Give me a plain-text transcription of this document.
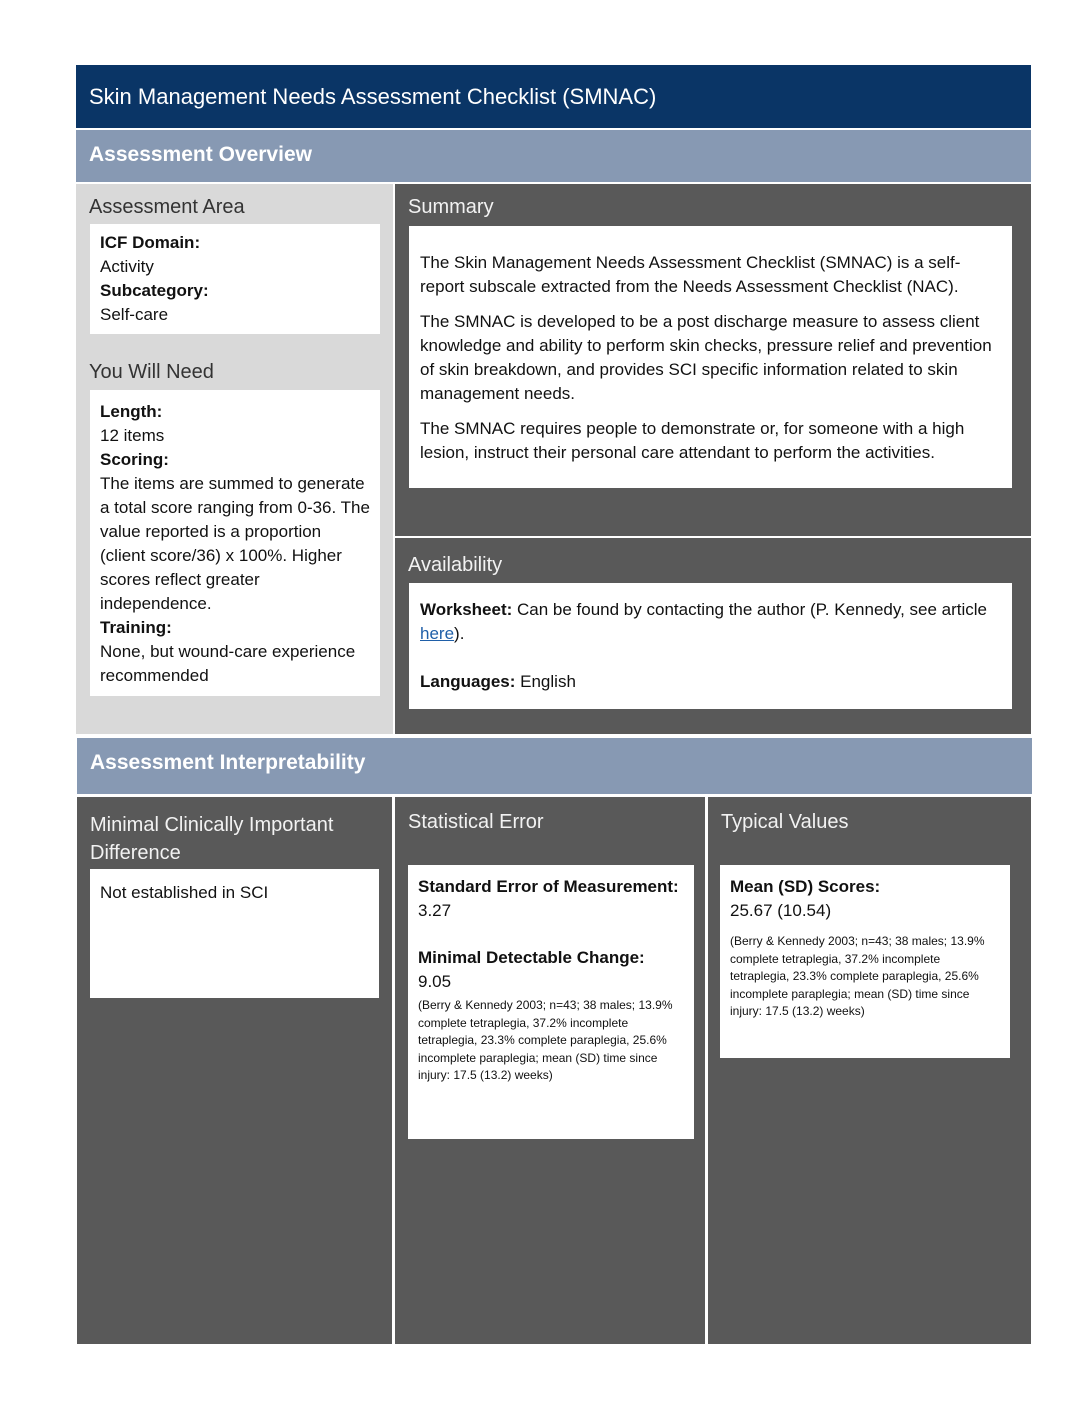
Skin Management Needs Assessment Checklist (SMNAC)
Assessment Overview
Assessment Area
ICF Domain:
Activity
Subcategory:
Self-care
You Will Need
Length:
12 items
Scoring:
The items are summed to generate a total score ranging from 0-36. The value reported is a proportion (client score/36) x 100%. Higher scores reflect greater independence.
Training:
None, but wound-care experience recommended
Summary

The Skin Management Needs Assessment Checklist (SMNAC) is a self-report subscale extracted from the Needs Assessment Checklist (NAC).

The SMNAC is developed to be a post discharge measure to assess client knowledge and ability to perform skin checks, pressure relief and prevention of skin breakdown, and provides SCI specific information related to skin management needs.

The SMNAC requires people to demonstrate or, for someone with a high lesion, instruct their personal care attendant to perform the activities.

Availability

Worksheet: Can be found by contacting the author (P. Kennedy, see article here).

Languages: English

Assessment Interpretability
Minimal Clinically Important Difference
Not established in SCI
Statistical Error
Standard Error of Measurement:
3.27
Minimal Detectable Change:
9.05
(Berry & Kennedy 2003; n=43; 38 males; 13.9% complete tetraplegia, 37.2% incomplete tetraplegia, 23.3% complete paraplegia, 25.6% incomplete paraplegia; mean (SD) time since injury: 17.5 (13.2) weeks)
Typical Values
Mean (SD) Scores:
25.67 (10.54)
(Berry & Kennedy 2003; n=43; 38 males; 13.9% complete tetraplegia, 37.2% incomplete tetraplegia, 23.3% complete paraplegia, 25.6% incomplete paraplegia; mean (SD) time since injury: 17.5 (13.2) weeks)
